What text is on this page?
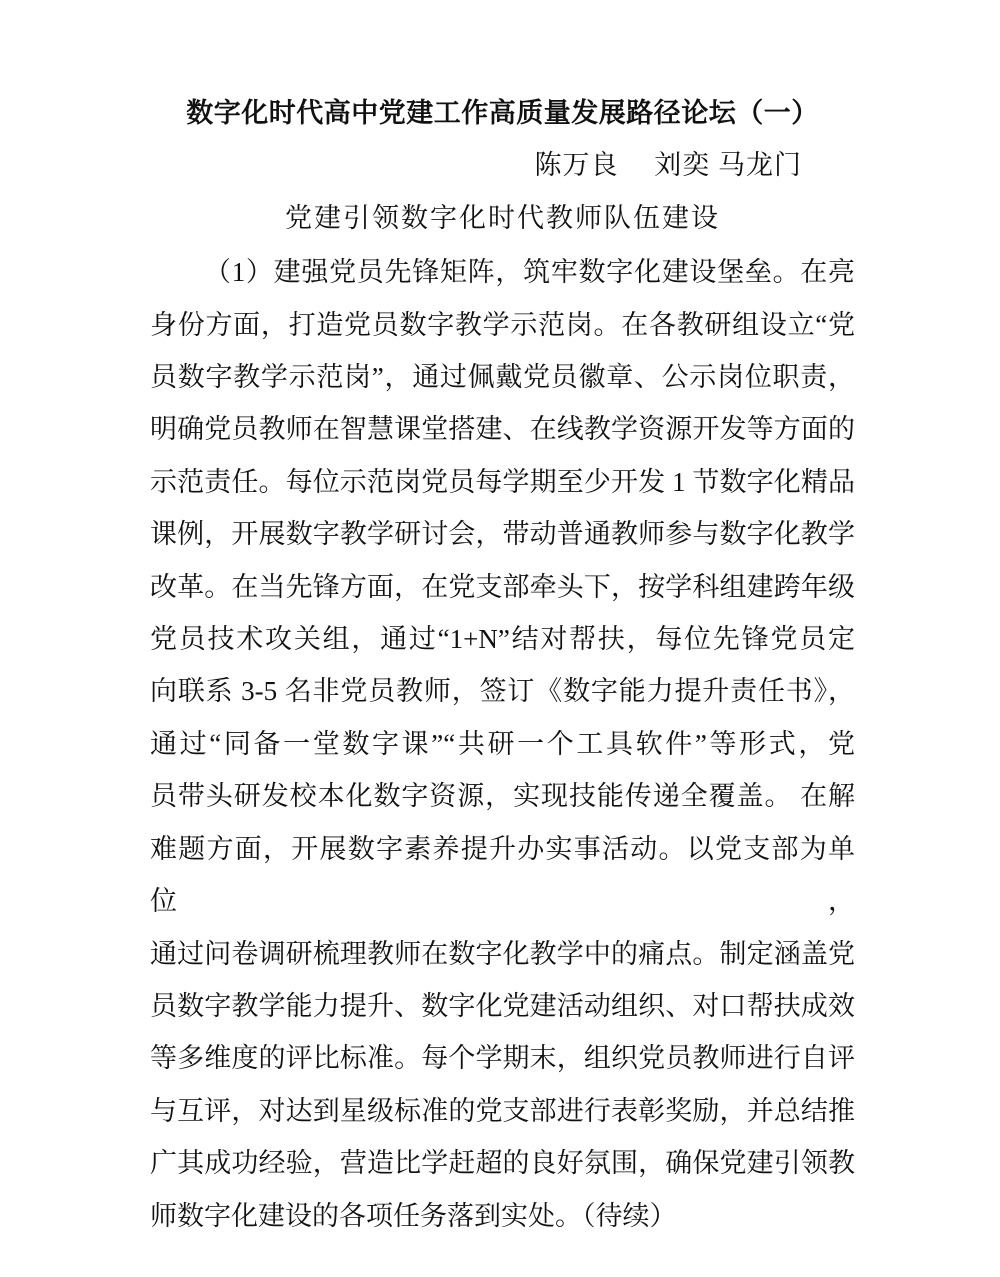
数字化时代高中党建工作高质量发展路径论坛（一）
陈万良　 刘奕 马龙门
党建引领数字化时代教师队伍建设
（1）建强党员先锋矩阵，筑牢数字化建设堡垒。在亮
身份方面，打造党员数字教学示范岗。在各教研组设立“党
员数字教学示范岗”，通过佩戴党员徽章、公示岗位职责，
明确党员教师在智慧课堂搭建、在线教学资源开发等方面的
示范责任。每位示范岗党员每学期至少开发 1 节数字化精品
课例，开展数字教学研讨会，带动普通教师参与数字化教学
改革。在当先锋方面，在党支部牵头下，按学科组建跨年级
党员技术攻关组，通过“1+N”结对帮扶，每位先锋党员定
向联系 3-5 名非党员教师，签订《数字能力提升责任书》，
通过“同备一堂数字课”“共研一个工具软件”等形式，党
员带头研发校本化数字资源，实现技能传递全覆盖。 在解
难题方面，开展数字素养提升办实事活动。以党支部为单位，
通过问卷调研梳理教师在数字化教学中的痛点。制定涵盖党
员数字教学能力提升、数字化党建活动组织、对口帮扶成效
等多维度的评比标准。每个学期末，组织党员教师进行自评
与互评，对达到星级标准的党支部进行表彰奖励，并总结推
广其成功经验，营造比学赶超的良好氛围，确保党建引领教
师数字化建设的各项任务落到实处。（待续）
